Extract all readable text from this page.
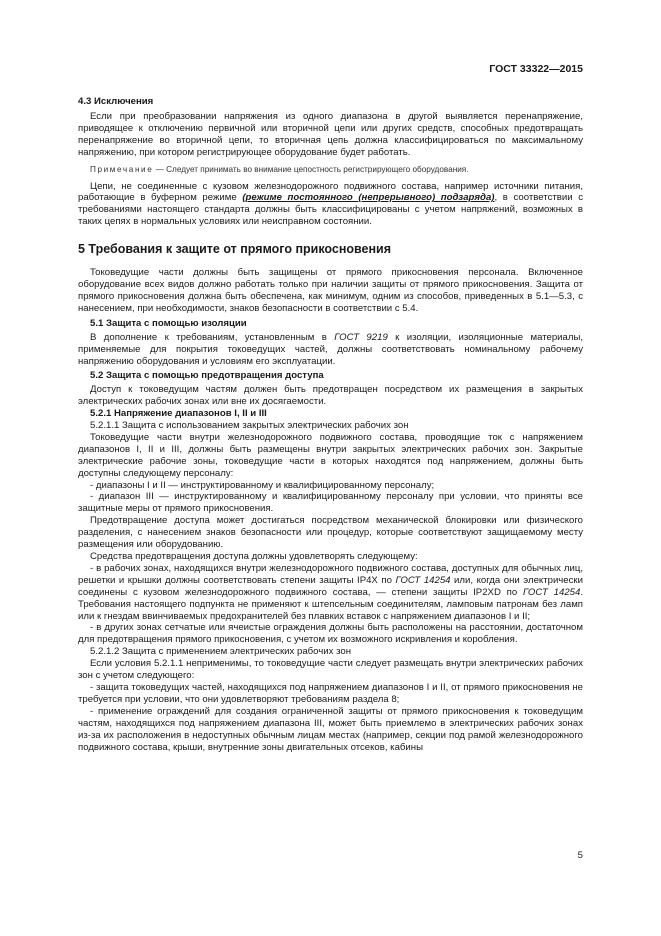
ГОСТ 33322—2015

4.3 Исключения

Если при преобразовании напряжения из одного диапазона в другой выявляется перенапряжение, приводящее к отключению первичной или вторичной цепи или других средств, способных предотвращать перенапряжение во вторичной цепи, то вторичная цепь должна классифицироваться по максимальному напряжению, при котором регистрирующее оборудование будет работать.

Примечание — Следует принимать во внимание цепостность регистрирующего оборудования.

Цепи, не соединенные с кузовом железнодорожного подвижного состава, например источники питания, работающие в буферном режиме (режиме постоянного (непрерывного) подзаряда), в соответствии с требованиями настоящего стандарта должны быть классифицированы с учетом напряжений, возможных в таких цепях в нормальных условиях или неисправном состоянии.

5 Требования к защите от прямого прикосновения

Токоведущие части должны быть защищены от прямого прикосновения персонала. Включенное оборудование всех видов должно работать только при наличии защиты от прямого прикосновения. Защита от прямого прикосновения должна быть обеспечена, как минимум, одним из способов, приведенных в 5.1—5.3, с нанесением, при необходимости, знаков безопасности в соответствии с 5.4.

5.1 Защита с помощью изоляции

В дополнение к требованиям, установленным в ГОСТ 9219 к изоляции, изоляционные материалы, применяемые для покрытия токоведущих частей, должны соответствовать номинальному рабочему напряжению оборудования и условиям его эксплуатации.

5.2 Защита с помощью предотвращения доступа

Доступ к токоведущим частям должен быть предотвращен посредством их размещения в закрытых электрических рабочих зонах или вне их досягаемости.

5.2.1 Напряжение диапазонов I, II и III

5.2.1.1 Защита с использованием закрытых электрических рабочих зон

Токоведущие части внутри железнодорожного подвижного состава, проводящие ток с напряжением диапазонов I, II и III, должны быть размещены внутри закрытых электрических рабочих зон. Закрытые электрические рабочие зоны, токоведущие части в которых находятся под напряжением, должны быть доступны следующему персоналу:

- диапазоны I и II — инструктированному и квалифицированному персоналу;

- диапазон III — инструктированному и квалифицированному персоналу при условии, что приняты все защитные меры от прямого прикосновения.

Предотвращение доступа может достигаться посредством механической блокировки или физического разделения, с нанесением знаков безопасности или процедур, которые соответствуют защищаемому месту размещения или оборудованию.

Средства предотвращения доступа должны удовлетворять следующему:

- в рабочих зонах, находящихся внутри железнодорожного подвижного состава, доступных для обычных лиц, решетки и крышки должны соответствовать степени защиты IP4X по ГОСТ 14254 или, когда они электрически соединены с кузовом железнодорожного подвижного состава, — степени защиты IP2XD по ГОСТ 14254. Требования настоящего подпункта не применяют к штепсельным соединителям, ламповым патронам без ламп или к гнездам ввинчиваемых предохранителей без плавких вставок с напряжением диапазонов I и II;

- в других зонах сетчатые или ячеистые ограждения должны быть расположены на расстоянии, достаточном для предотвращения прямого прикосновения, с учетом их возможного искривления и коробления.

5.2.1.2 Защита с применением электрических рабочих зон

Если условия 5.2.1.1 неприменимы, то токоведущие части следует размещать внутри электрических рабочих зон с учетом следующего:

- защита токоведущих частей, находящихся под напряжением диапазонов I и II, от прямого прикосновения не требуется при условии, что они удовлетворяют требованиям раздела 8;

- применение ограждений для создания ограниченной защиты от прямого прикосновения к токоведущим частям, находящихся под напряжением диапазона III, может быть приемлемо в электрических рабочих зонах из-за их расположения в недоступных обычным лицам местах (например, секции под рамой железнодорожного подвижного состава, крыши, внутренние зоны двигательных отсеков, кабины

5
